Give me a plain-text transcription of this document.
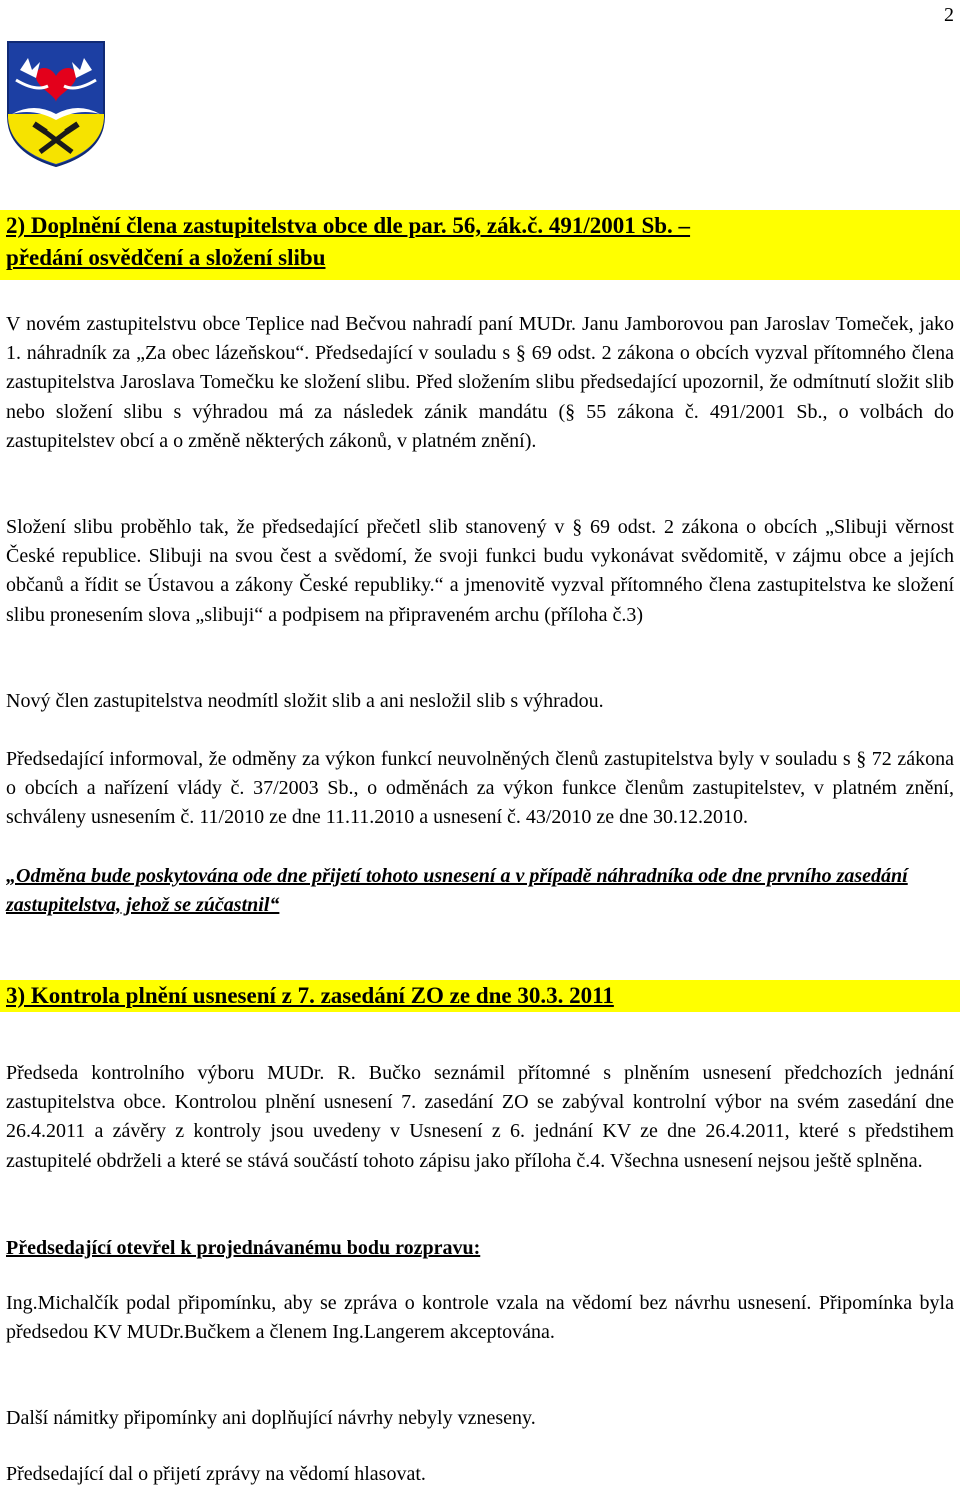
2
2) Doplnění člena zastupitelstva obce dle par. 56, zák.č. 491/2001 Sb. –
předání osvědčení a složení slibu

V novém zastupitelstvu obce Teplice nad Bečvou nahradí paní MUDr. Janu Jamborovou pan Jaroslav Tomeček, jako 1. náhradník za „Za obec lázeňskou“. Předsedající v souladu s § 69 odst. 2 zákona o obcích vyzval přítomného člena zastupitelstva Jaroslava Tomečku ke složení slibu. Před složením slibu předsedající upozornil, že odmítnutí složit slib nebo složení slibu s výhradou má za následek zánik mandátu (§ 55 zákona č. 491/2001 Sb., o volbách do zastupitelstev obcí a o změně některých zákonů, v platném znění).

Složení slibu proběhlo tak, že předsedající přečetl slib stanovený v § 69 odst. 2 zákona o obcích „Slibuji věrnost České republice. Slibuji na svou čest a svědomí, že svoji funkci budu vykonávat svědomitě, v zájmu obce a jejích občanů a řídit se Ústavou a zákony České republiky.“ a jmenovitě vyzval přítomného člena zastupitelstva ke složení slibu pronesením slova „slibuji“ a podpisem na připraveném archu (příloha č.3)

Nový člen zastupitelstva neodmítl složit slib a ani nesložil slib s výhradou.

Předsedající informoval, že odměny za výkon funkcí neuvolněných členů zastupitelstva byly v souladu s § 72 zákona o obcích a nařízení vlády č. 37/2003 Sb., o odměnách za výkon funkce členům zastupitelstev, v platném znění, schváleny usnesením č. 11/2010 ze dne 11.11.2010 a usnesení č. 43/2010 ze dne 30.12.2010.

„Odměna bude poskytována ode dne přijetí tohoto usnesení a v případě náhradníka ode dne prvního zasedání zastupitelstva, jehož se zúčastnil“

3) Kontrola plnění usnesení z 7. zasedání ZO ze dne 30.3. 2011

Předseda kontrolního výboru MUDr. R. Bučko seznámil přítomné s plněním usnesení předchozích jednání zastupitelstva obce. Kontrolou plnění usnesení 7. zasedání ZO se zabýval kontrolní výbor na svém zasedání dne 26.4.2011 a závěry z kontroly jsou uvedeny v Usnesení z 6. jednání KV ze dne 26.4.2011, které s předstihem zastupitelé obdrželi a které se stává součástí tohoto zápisu jako příloha č.4. Všechna usnesení nejsou ještě splněna.

Předsedající otevřel k projednávanému bodu rozpravu:

Ing.Michalčík podal připomínku, aby se zpráva o kontrole vzala na vědomí bez návrhu usnesení. Připomínka byla předsedou KV MUDr.Bučkem a členem Ing.Langerem akceptována.

Další námitky připomínky ani doplňující návrhy nebyly vzneseny.

Předsedající dal o přijetí zprávy na vědomí hlasovat.
